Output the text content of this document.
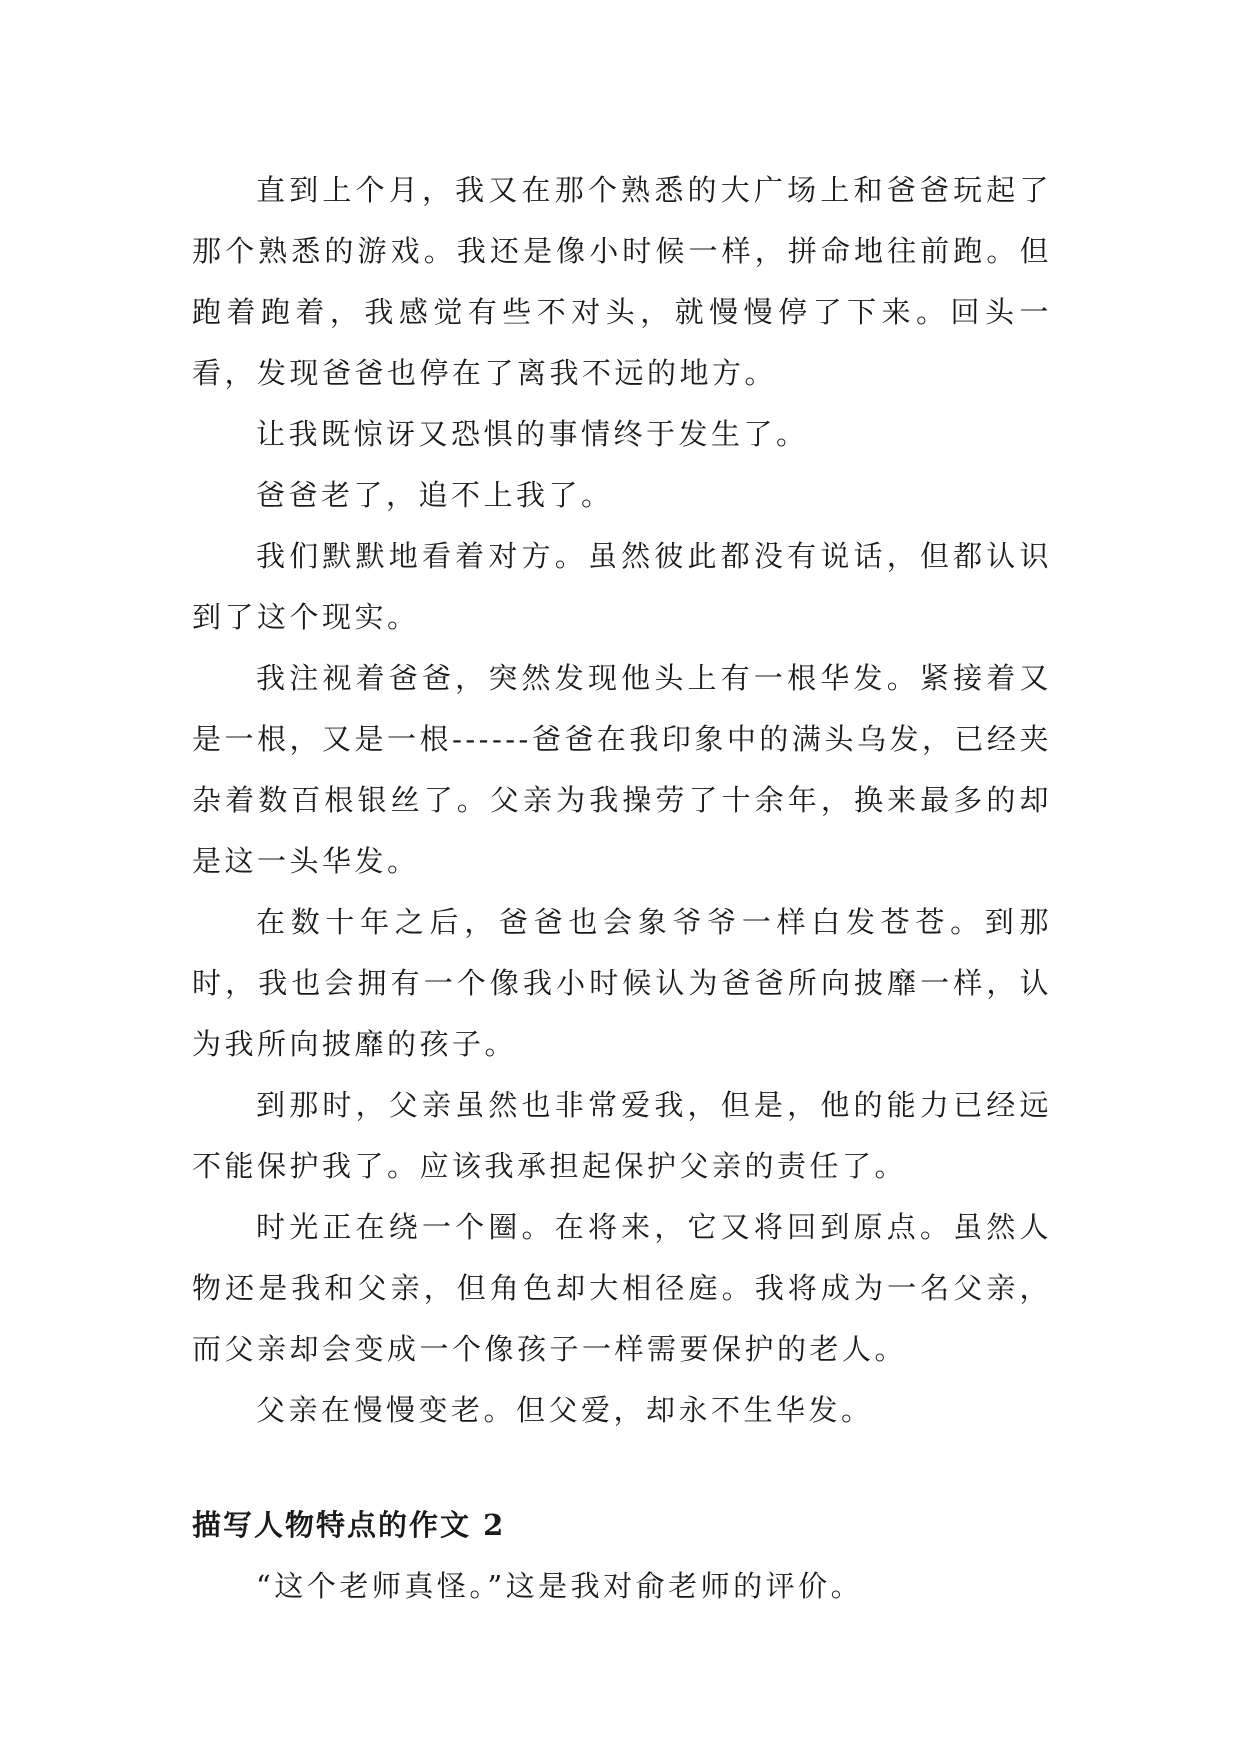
直到上个月，我又在那个熟悉的大广场上和爸爸玩起了那个熟悉的游戏。我还是像小时候一样，拼命地往前跑。但跑着跑着，我感觉有些不对头，就慢慢停了下来。回头一看，发现爸爸也停在了离我不远的地方。

让我既惊讶又恐惧的事情终于发生了。

爸爸老了，追不上我了。

我们默默地看着对方。虽然彼此都没有说话，但都认识到了这个现实。

我注视着爸爸，突然发现他头上有一根华发。紧接着又是一根，又是一根------爸爸在我印象中的满头乌发，已经夹杂着数百根银丝了。父亲为我操劳了十余年，换来最多的却是这一头华发。

在数十年之后，爸爸也会象爷爷一样白发苍苍。到那时，我也会拥有一个像我小时候认为爸爸所向披靡一样，认为我所向披靡的孩子。

到那时，父亲虽然也非常爱我，但是，他的能力已经远不能保护我了。应该我承担起保护父亲的责任了。

时光正在绕一个圈。在将来，它又将回到原点。虽然人物还是我和父亲，但角色却大相径庭。我将成为一名父亲，而父亲却会变成一个像孩子一样需要保护的老人。

父亲在慢慢变老。但父爱，却永不生华发。

描写人物特点的作文 2

“这个老师真怪。”这是我对俞老师的评价。
